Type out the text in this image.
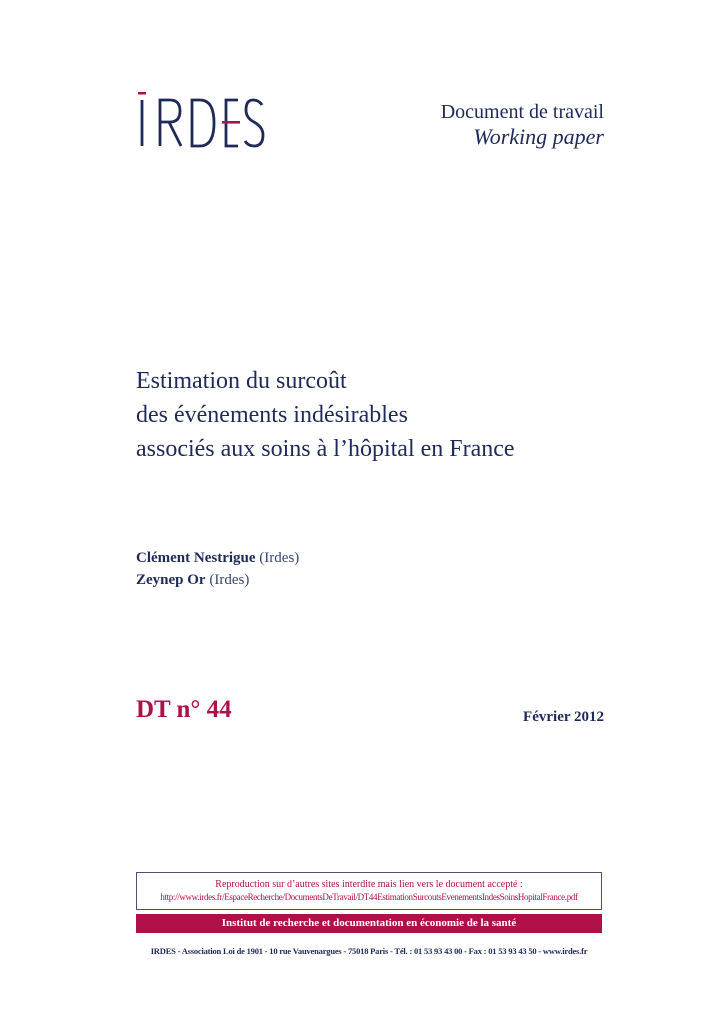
Document de travail
Working paper
Estimation du surcoût
des événements indésirables
associés aux soins à l’hôpital en France
Clément Nestrigue (Irdes)
Zeynep Or (Irdes)
DT n° 44	Février 2012
Reproduction sur d’autres sites interdite mais lien vers le document accepté :
http://www.irdes.fr/EspaceRecherche/DocumentsDeTravail/DT44EstimationSurcoutsEvenementsIndesSoinsHopitalFrance.pdf
Institut de recherche et documentation en économie de la santé
IRDES - Association Loi de 1901 - 10 rue Vauvenargues - 75018 Paris - Tél. : 01 53 93 43 00 - Fax : 01 53 93 43 50 - www.irdes.fr
